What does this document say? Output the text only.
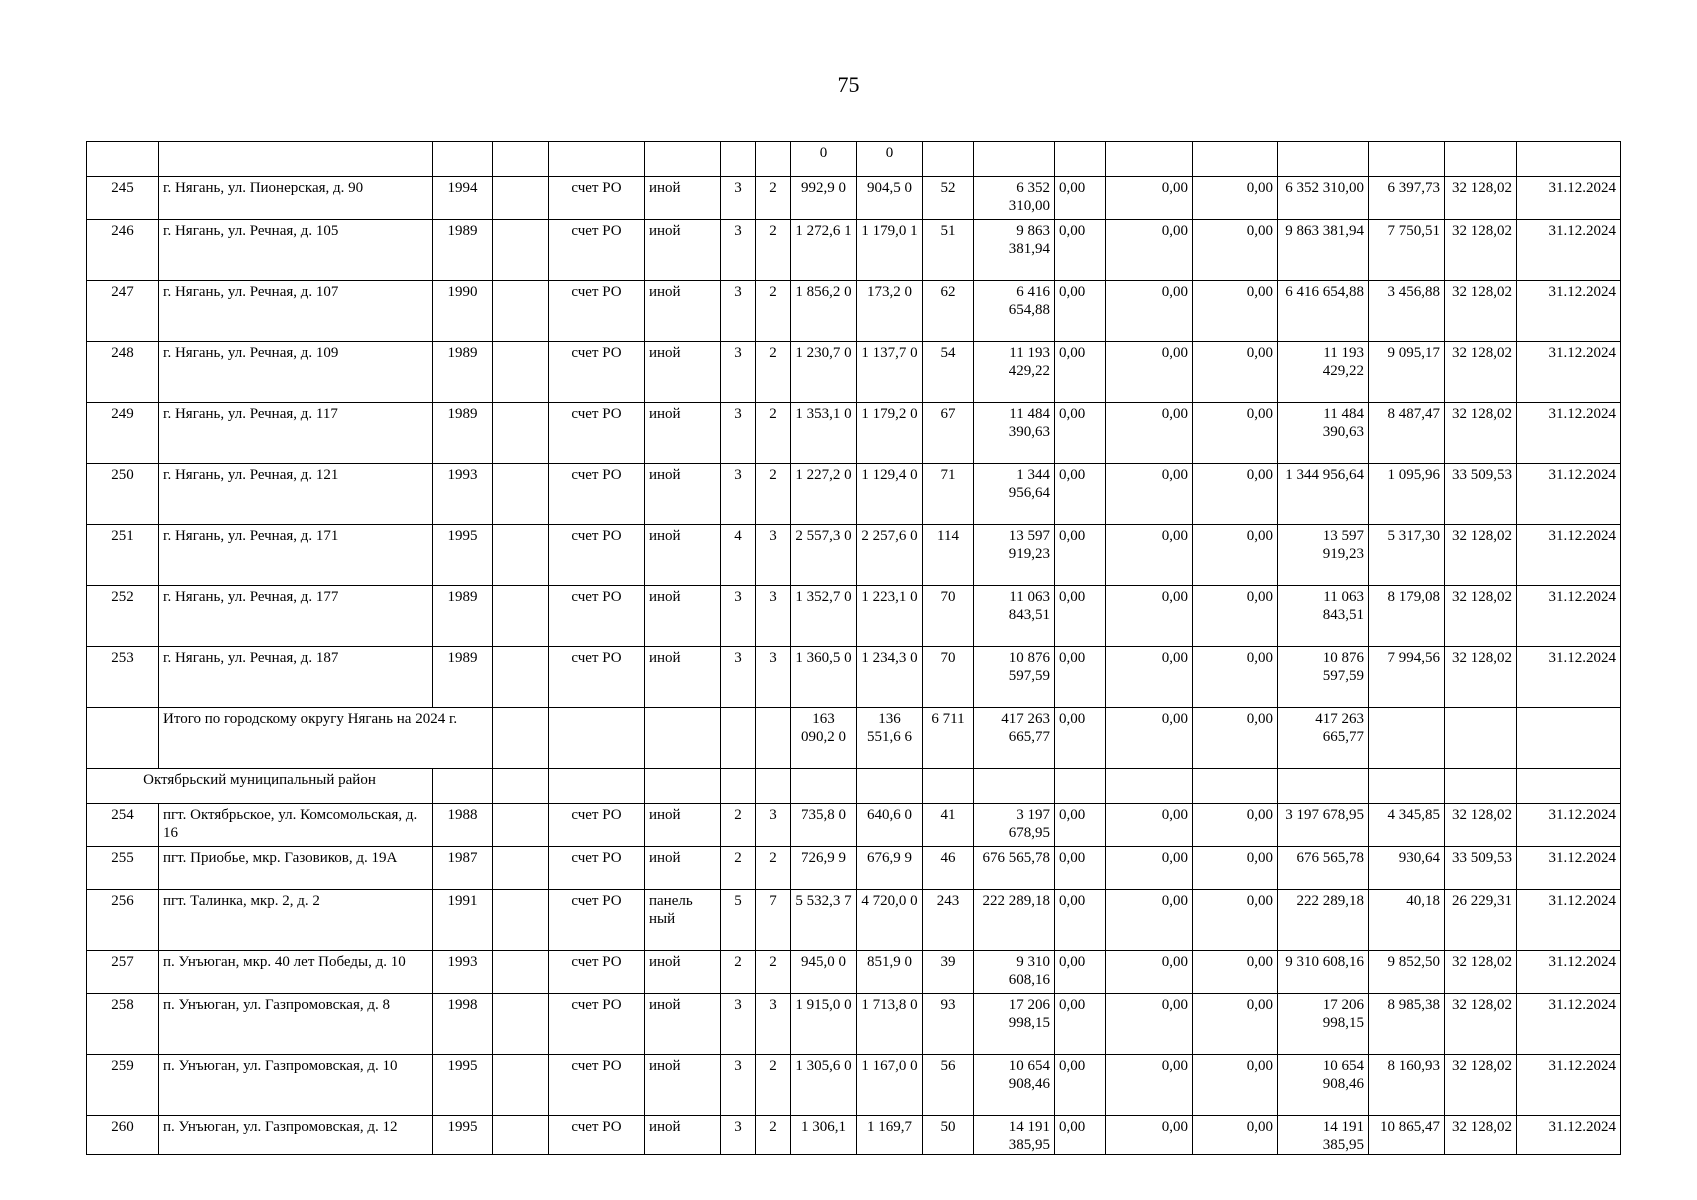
75
								0	0									
245	г. Нягань, ул. Пионерская, д. 90	1994		счет РО	иной	3	2	992,9 0	904,5 0	52	6 352 310,00	0,00	0,00	0,00	6 352 310,00	6 397,73	32 128,02	31.12.2024
246	г. Нягань, ул. Речная, д. 105	1989		счет РО	иной	3	2	1 272,6 1	1 179,0 1	51	9 863 381,94	0,00	0,00	0,00	9 863 381,94	7 750,51	32 128,02	31.12.2024
247	г. Нягань, ул. Речная, д. 107	1990		счет РО	иной	3	2	1 856,2 0	173,2 0	62	6 416 654,88	0,00	0,00	0,00	6 416 654,88	3 456,88	32 128,02	31.12.2024
248	г. Нягань, ул. Речная, д. 109	1989		счет РО	иной	3	2	1 230,7 0	1 137,7 0	54	11 193 429,22	0,00	0,00	0,00	11 193 429,22	9 095,17	32 128,02	31.12.2024
249	г. Нягань, ул. Речная, д. 117	1989		счет РО	иной	3	2	1 353,1 0	1 179,2 0	67	11 484 390,63	0,00	0,00	0,00	11 484 390,63	8 487,47	32 128,02	31.12.2024
250	г. Нягань, ул. Речная, д. 121	1993		счет РО	иной	3	2	1 227,2 0	1 129,4 0	71	1 344 956,64	0,00	0,00	0,00	1 344 956,64	1 095,96	33 509,53	31.12.2024
251	г. Нягань, ул. Речная, д. 171	1995		счет РО	иной	4	3	2 557,3 0	2 257,6 0	114	13 597 919,23	0,00	0,00	0,00	13 597 919,23	5 317,30	32 128,02	31.12.2024
252	г. Нягань, ул. Речная, д. 177	1989		счет РО	иной	3	3	1 352,7 0	1 223,1 0	70	11 063 843,51	0,00	0,00	0,00	11 063 843,51	8 179,08	32 128,02	31.12.2024
253	г. Нягань, ул. Речная, д. 187	1989		счет РО	иной	3	3	1 360,5 0	1 234,3 0	70	10 876 597,59	0,00	0,00	0,00	10 876 597,59	7 994,56	32 128,02	31.12.2024
	Итого по городскому округу Нягань на 2024 г.							163 090,2 0	136 551,6 6	6 711	417 263 665,77	0,00	0,00	0,00	417 263 665,77			
Октябрьский муниципальный район																		
254	пгт. Октябрьское, ул. Комсомольская, д. 16	1988		счет РО	иной	2	3	735,8 0	640,6 0	41	3 197 678,95	0,00	0,00	0,00	3 197 678,95	4 345,85	32 128,02	31.12.2024
255	пгт. Приобье, мкр. Газовиков, д. 19А	1987		счет РО	иной	2	2	726,9 9	676,9 9	46	676 565,78	0,00	0,00	0,00	676 565,78	930,64	33 509,53	31.12.2024
256	пгт. Талинка, мкр. 2, д. 2	1991		счет РО	панель ный	5	7	5 532,3 7	4 720,0 0	243	222 289,18	0,00	0,00	0,00	222 289,18	40,18	26 229,31	31.12.2024
257	п. Унъюган, мкр. 40 лет Победы, д. 10	1993		счет РО	иной	2	2	945,0 0	851,9 0	39	9 310 608,16	0,00	0,00	0,00	9 310 608,16	9 852,50	32 128,02	31.12.2024
258	п. Унъюган, ул. Газпромовская, д. 8	1998		счет РО	иной	3	3	1 915,0 0	1 713,8 0	93	17 206 998,15	0,00	0,00	0,00	17 206 998,15	8 985,38	32 128,02	31.12.2024
259	п. Унъюган, ул. Газпромовская, д. 10	1995		счет РО	иной	3	2	1 305,6 0	1 167,0 0	56	10 654 908,46	0,00	0,00	0,00	10 654 908,46	8 160,93	32 128,02	31.12.2024
260	п. Унъюган, ул. Газпромовская, д. 12	1995		счет РО	иной	3	2	1 306,1	1 169,7	50	14 191 385,95	0,00	0,00	0,00	14 191 385,95	10 865,47	32 128,02	31.12.2024
